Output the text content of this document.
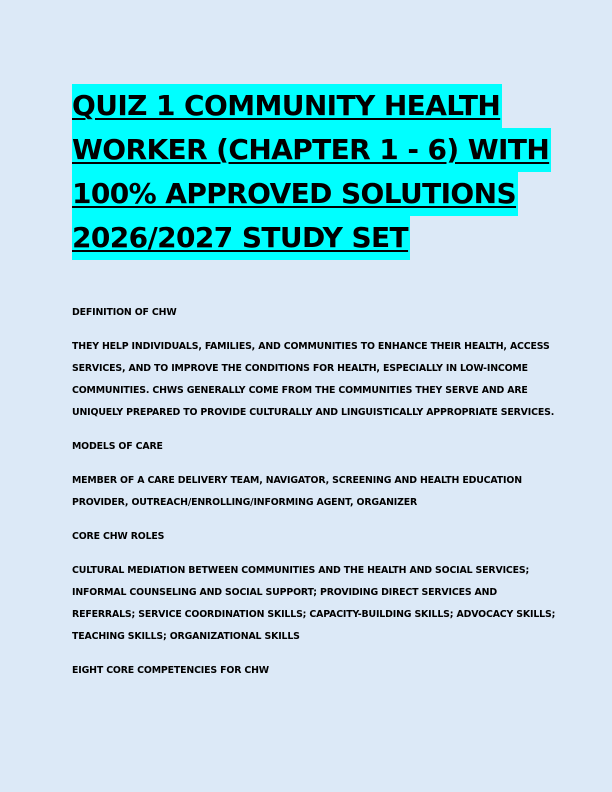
QUIZ 1 COMMUNITY HEALTH
WORKER (CHAPTER 1 - 6) WITH
100% APPROVED SOLUTIONS
2026/2027 STUDY SET
DEFINITION OF CHW
THEY HELP INDIVIDUALS, FAMILIES, AND COMMUNITIES TO ENHANCE THEIR HEALTH, ACCESS
SERVICES, AND TO IMPROVE THE CONDITIONS FOR HEALTH, ESPECIALLY IN LOW-INCOME
COMMUNITIES. CHWS GENERALLY COME FROM THE COMMUNITIES THEY SERVE AND ARE
UNIQUELY PREPARED TO PROVIDE CULTURALLY AND LINGUISTICALLY APPROPRIATE SERVICES.
MODELS OF CARE
MEMBER OF A CARE DELIVERY TEAM, NAVIGATOR, SCREENING AND HEALTH EDUCATION
PROVIDER, OUTREACH/ENROLLING/INFORMING AGENT, ORGANIZER
CORE CHW ROLES
CULTURAL MEDIATION BETWEEN COMMUNITIES AND THE HEALTH AND SOCIAL SERVICES;
INFORMAL COUNSELING AND SOCIAL SUPPORT; PROVIDING DIRECT SERVICES AND
REFERRALS; SERVICE COORDINATION SKILLS; CAPACITY-BUILDING SKILLS; ADVOCACY SKILLS;
TEACHING SKILLS; ORGANIZATIONAL SKILLS
EIGHT CORE COMPETENCIES FOR CHW
